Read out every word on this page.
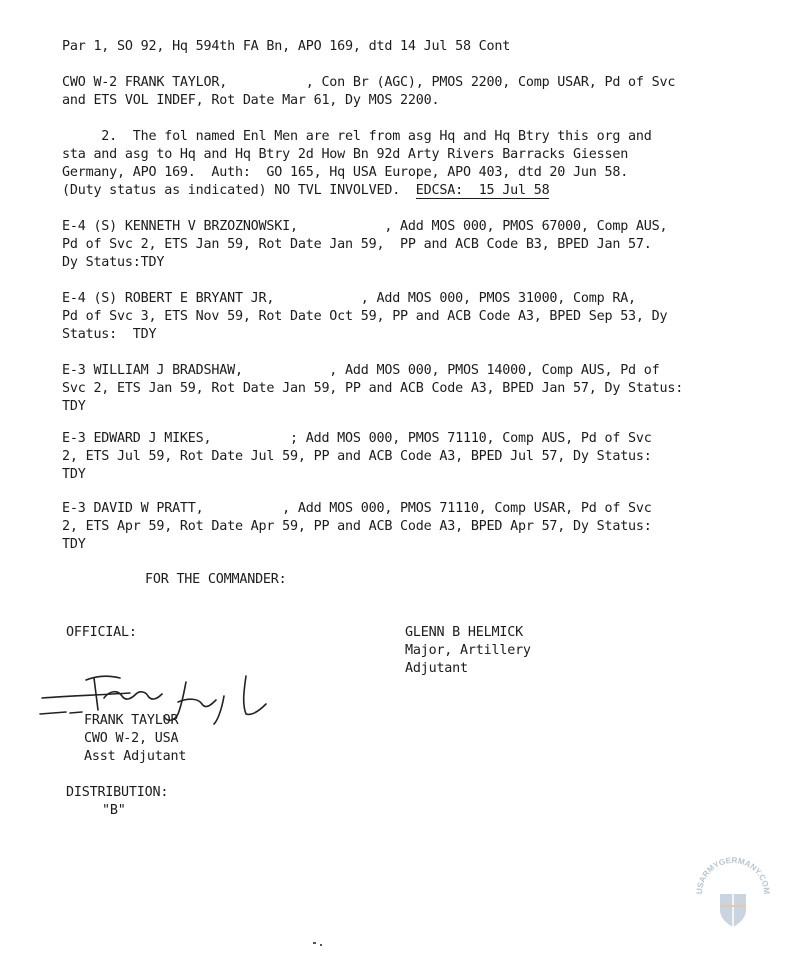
Par 1, SO 92, Hq 594th FA Bn, APO 169, dtd 14 Jul 58 Cont

CWO W-2 FRANK TAYLOR,          , Con Br (AGC), PMOS 2200, Comp USAR, Pd of Svc

and ETS VOL INDEF, Rot Date Mar 61, Dy MOS 2200.

2.  The fol named Enl Men are rel from asg Hq and Hq Btry this org and

sta and asg to Hq and Hq Btry 2d How Bn 92d Arty Rivers Barracks Giessen

Germany, APO 169.  Auth:  GO 165, Hq USA Europe, APO 403, dtd 20 Jun 58.

(Duty status as indicated) NO TVL INVOLVED.  EDCSA:  15 Jul 58

E-4 (S) KENNETH V BRZOZNOWSKI,           , Add MOS 000, PMOS 67000, Comp AUS,

Pd of Svc 2, ETS Jan 59, Rot Date Jan 59,  PP and ACB Code B3, BPED Jan 57.

Dy Status:TDY

E-4 (S) ROBERT E BRYANT JR,           , Add MOS 000, PMOS 31000, Comp RA,

Pd of Svc 3, ETS Nov 59, Rot Date Oct 59, PP and ACB Code A3, BPED Sep 53, Dy

Status:  TDY

E-3 WILLIAM J BRADSHAW,           , Add MOS 000, PMOS 14000, Comp AUS, Pd of

Svc 2, ETS Jan 59, Rot Date Jan 59, PP and ACB Code A3, BPED Jan 57, Dy Status:

TDY

E-3 EDWARD J MIKES,          ; Add MOS 000, PMOS 71110, Comp AUS, Pd of Svc

2, ETS Jul 59, Rot Date Jul 59, PP and ACB Code A3, BPED Jul 57, Dy Status:

TDY

E-3 DAVID W PRATT,          , Add MOS 000, PMOS 71110, Comp USAR, Pd of Svc

2, ETS Apr 59, Rot Date Apr 59, PP and ACB Code A3, BPED Apr 57, Dy Status:

TDY

FOR THE COMMANDER:

OFFICIAL:	GLENN B HELMICK

Major, Artillery

Adjutant

FRANK TAYLOR

CWO W-2, USA

Asst Adjutant

DISTRIBUTION:

"B"

USARMYGERMANY.COM
